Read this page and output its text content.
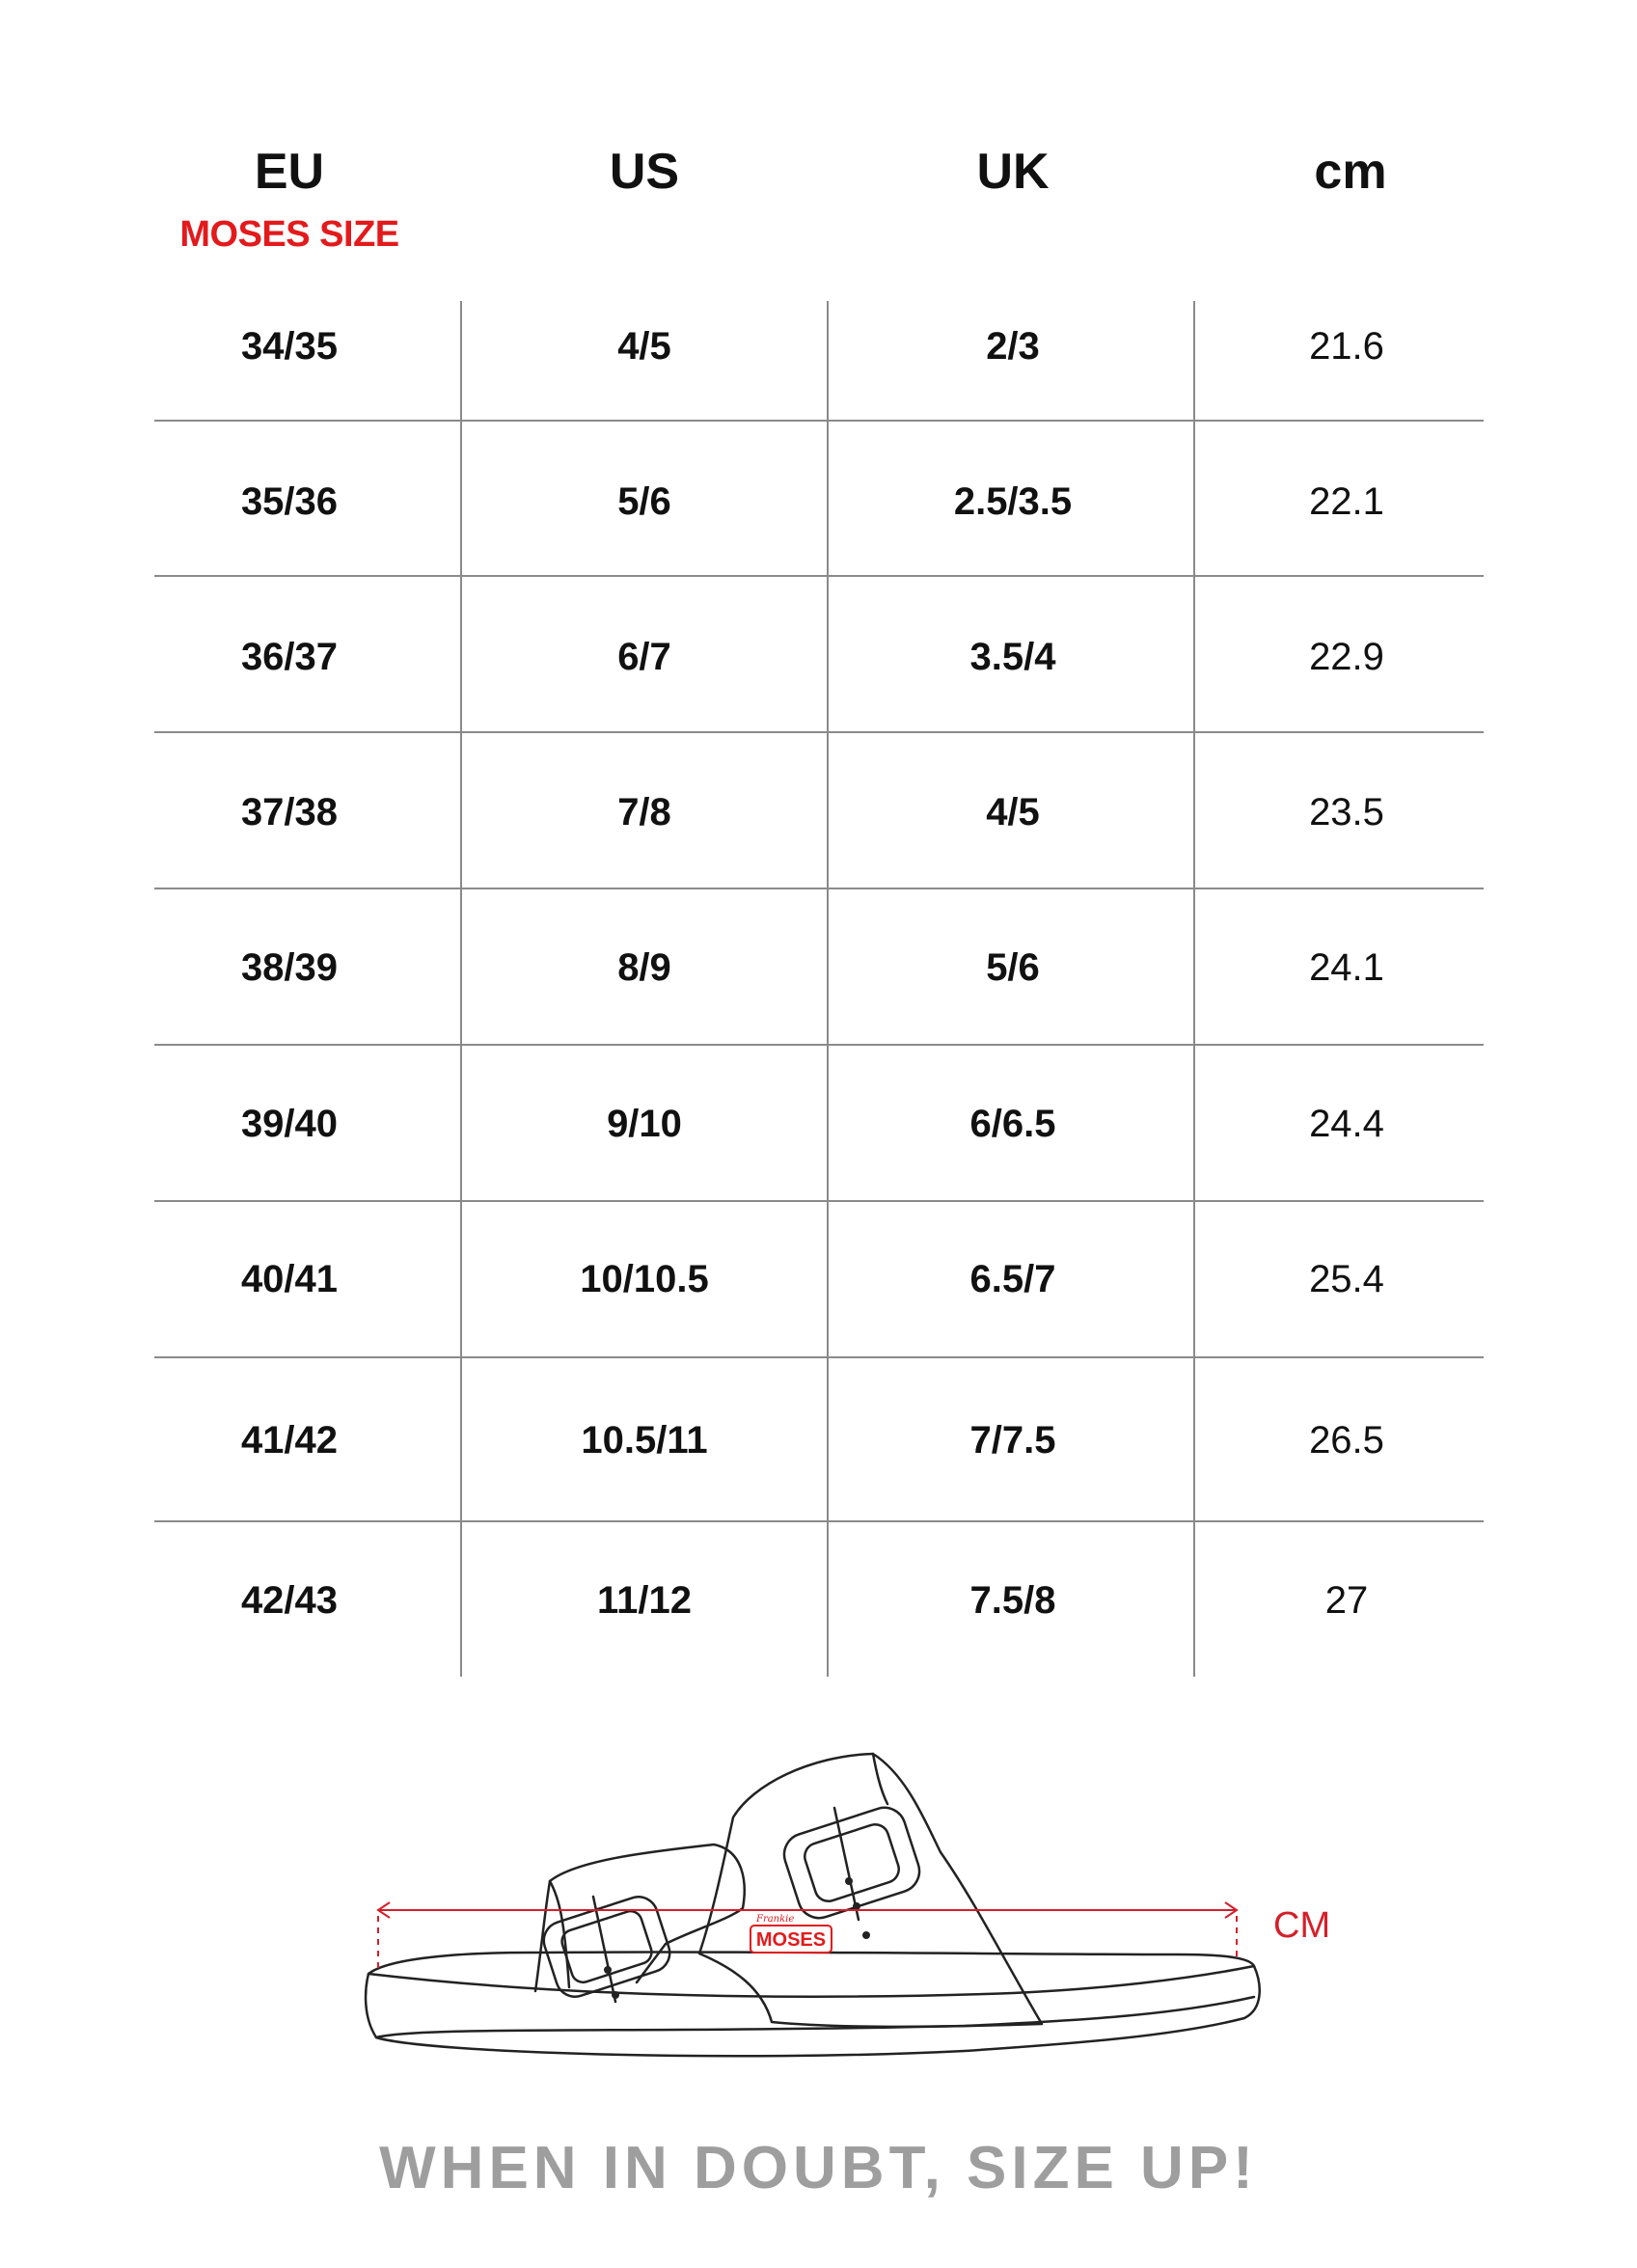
EU	US	UK	cm
MOSES SIZE
34/35	4/5	2/3	21.6
35/36	5/6	2.5/3.5	22.1
36/37	6/7	3.5/4	22.9
37/38	7/8	4/5	23.5
38/39	8/9	5/6	24.1
39/40	9/10	6/6.5	24.4
40/41	10/10.5	6.5/7	25.4
41/42	10.5/11	7/7.5	26.5
42/43	11/12	7.5/8	27
MOSES
Frankie	CM
WHEN IN DOUBT, SIZE UP!
